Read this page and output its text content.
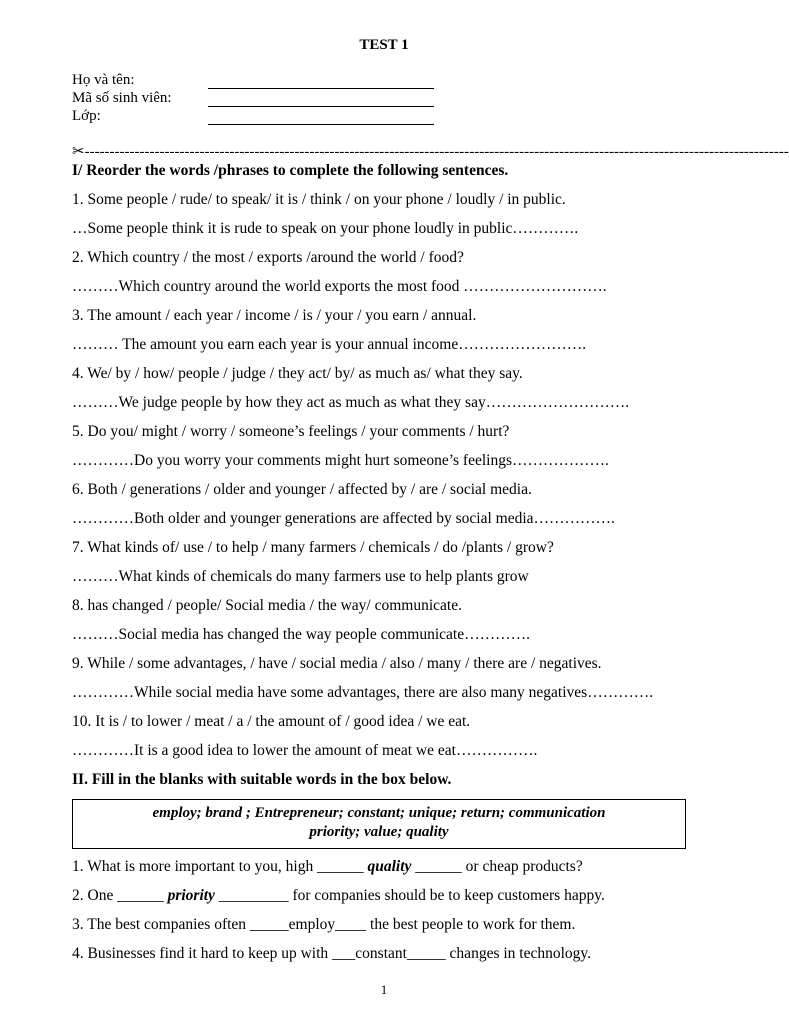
TEST 1
Họ và tên:
Mã số sinh viên:
Lớp:
✂---------------------------------------------------------------------------------------------------------------------------------------------
I/ Reorder the words /phrases to complete the following sentences.
1. Some people / rude/ to speak/ it is / think / on your phone / loudly / in public.
…Some people think it is rude to speak on your phone loudly in public………….
2. Which country / the most / exports /around the world / food?
………Which country around the world exports the most food ……………………….
3. The amount / each year / income / is / your / you earn / annual.
……… The amount you earn each year is your annual income…………………….
4. We/ by / how/ people / judge / they act/ by/ as much as/ what they say.
………We judge people by how they act as much as what they say……………………….
5. Do you/ might / worry / someone’s feelings / your comments / hurt?
…………Do you worry your comments might hurt someone’s feelings……………….
6. Both / generations / older and younger / affected by / are / social media.
…………Both older and younger generations are affected by social media…………….
7. What kinds of/ use / to help / many farmers / chemicals / do /plants / grow?
………What kinds of chemicals do many farmers use to help plants grow
8. has changed / people/ Social media / the way/ communicate.
………Social media has changed the way people communicate………….
9. While / some advantages, / have / social media / also / many / there are / negatives.
…………While social media have some advantages, there are also many negatives………….
10. It is / to lower / meat / a / the amount of / good idea / we eat.
…………It is a good idea to lower the amount of meat we eat…………….
II. Fill in the blanks with suitable words in the box below.
employ; brand ; Entrepreneur; constant; unique; return; communication
priority; value; quality
1. What is more important to you, high ______ quality ______ or cheap products?
2. One ______ priority _________ for companies should be to keep customers happy.
3. The best companies often _____employ____ the best people to work for them.
4. Businesses find it hard to keep up with ___constant_____ changes in technology.
1
